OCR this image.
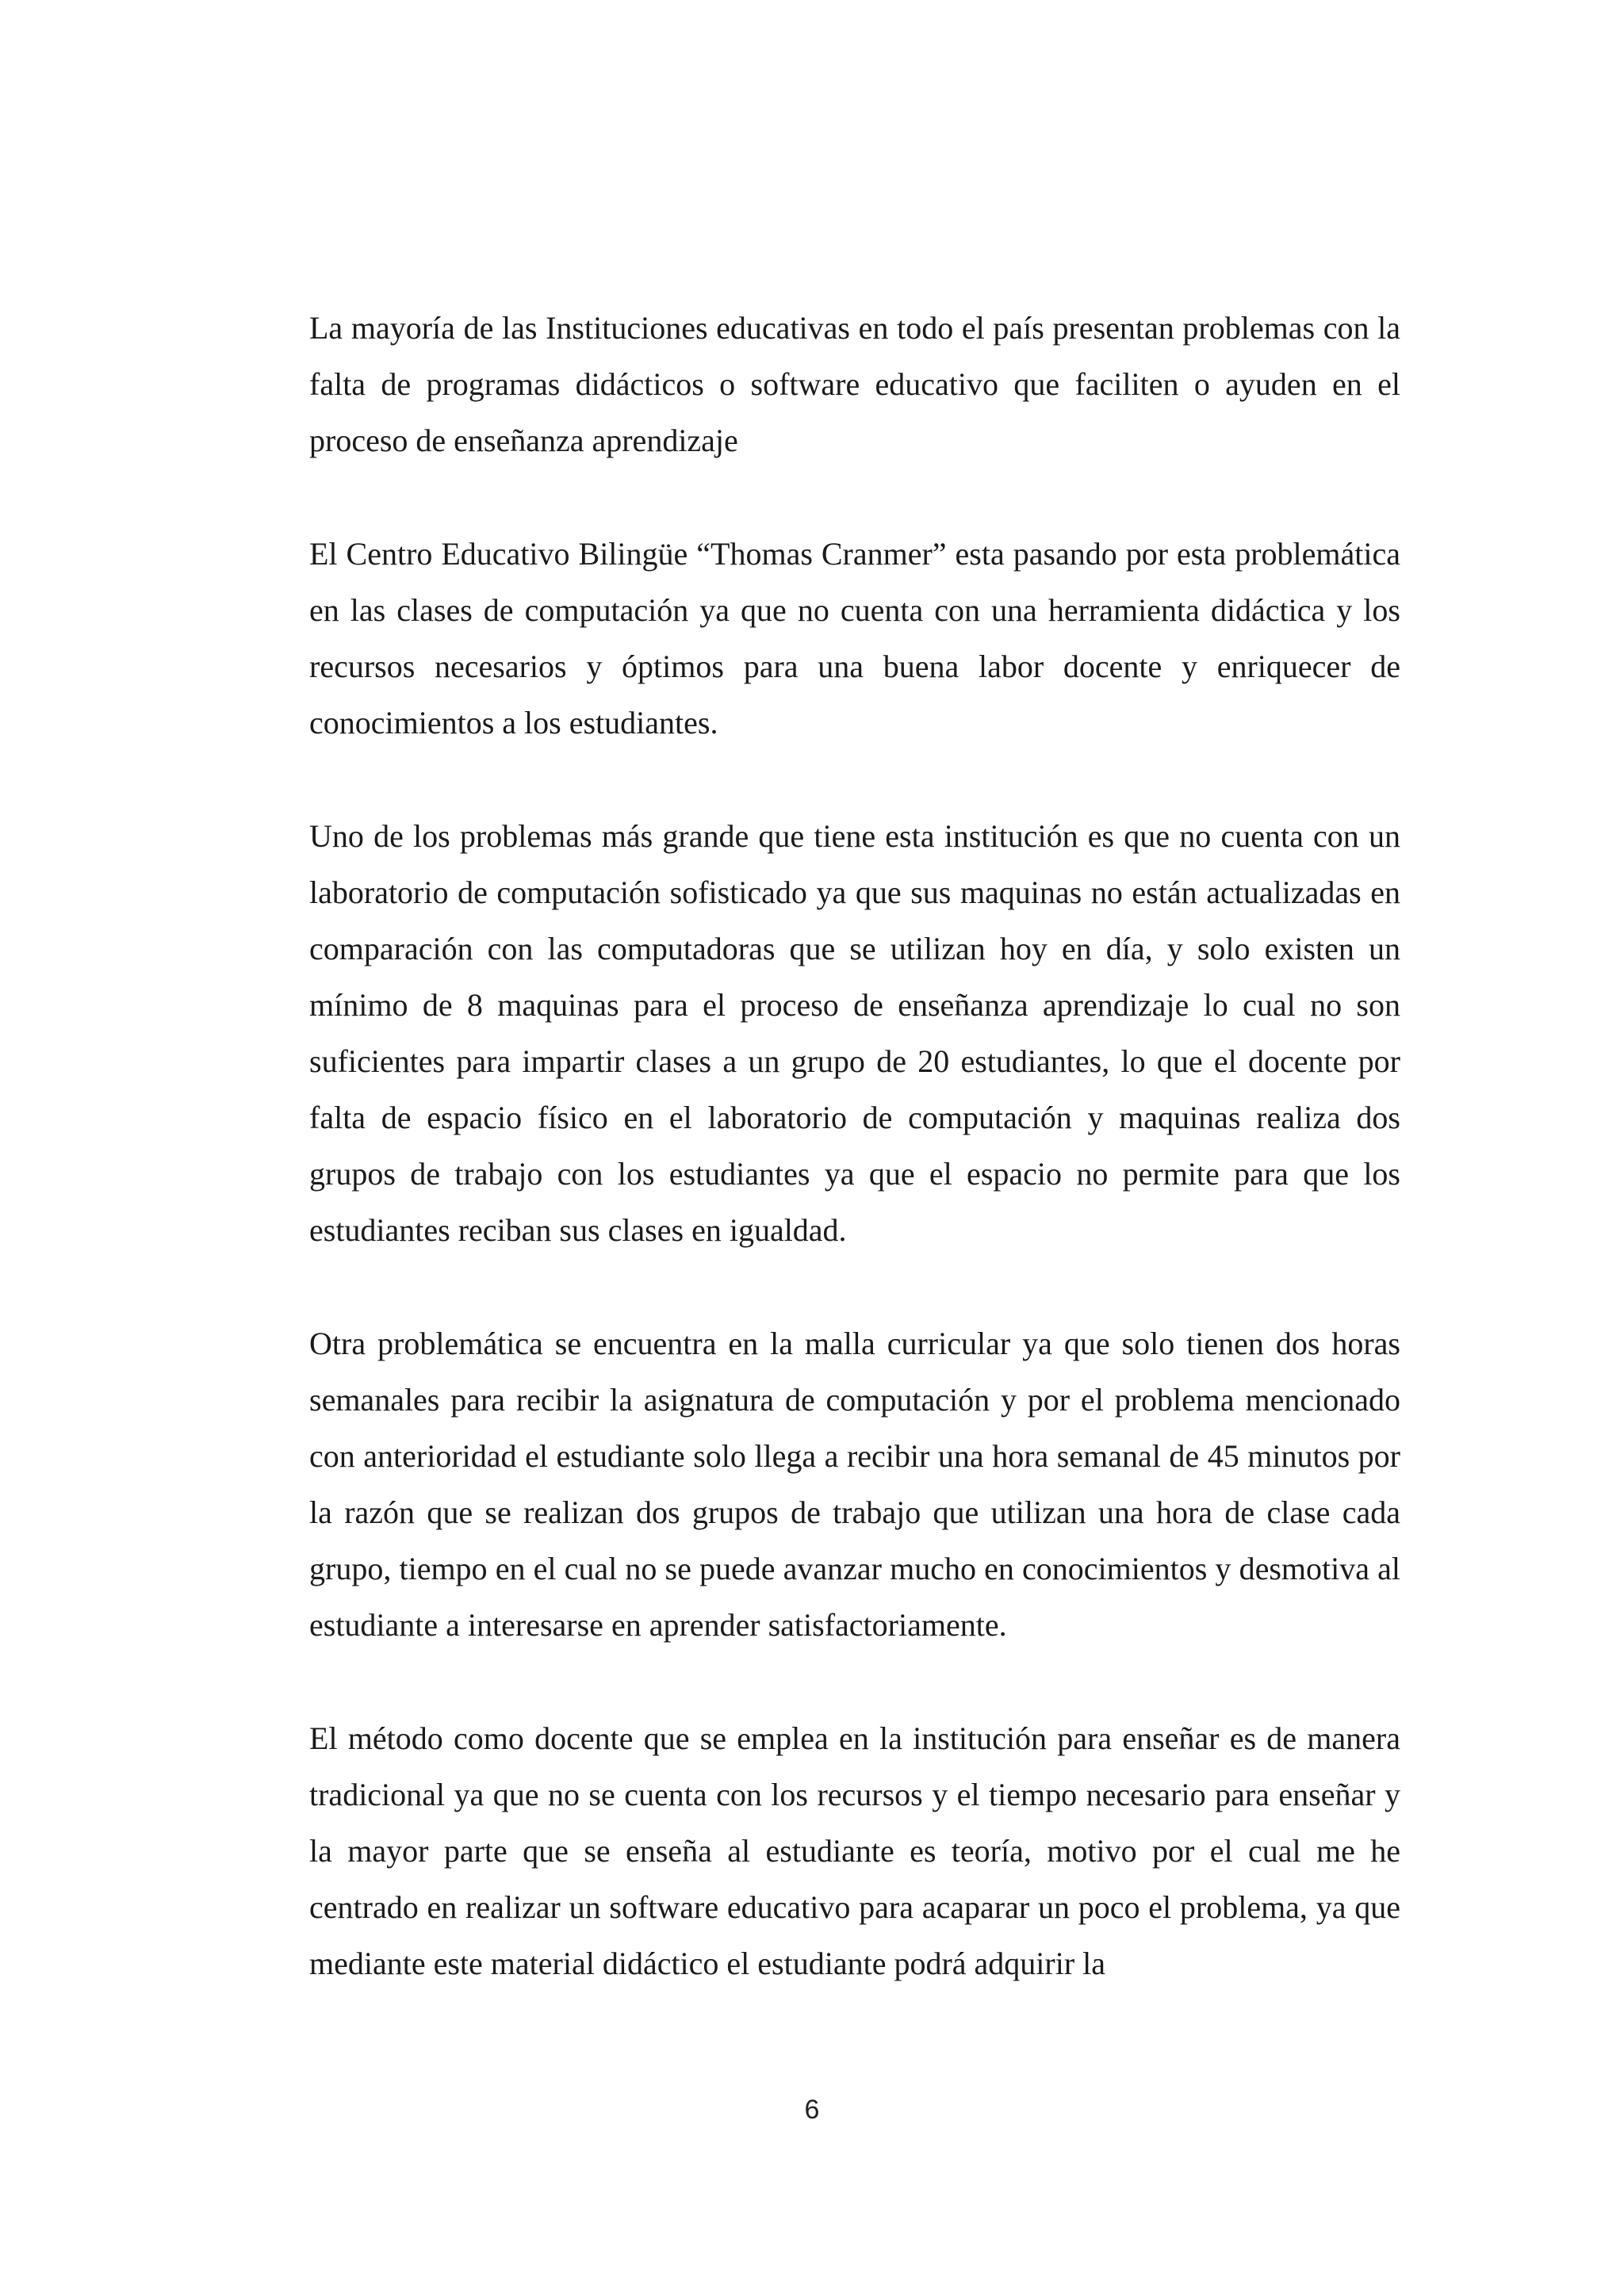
La mayoría de las Instituciones educativas en todo el país presentan problemas con la falta de programas didácticos o software educativo que faciliten o ayuden en el proceso de enseñanza aprendizaje

El Centro Educativo Bilingüe “Thomas Cranmer” esta pasando por esta problemática en las clases de computación ya que no cuenta con una herramienta didáctica y los recursos necesarios y óptimos para una buena labor docente y enriquecer de conocimientos a los estudiantes.

Uno de los problemas más grande que tiene esta institución es que no cuenta con un laboratorio de computación sofisticado ya que sus maquinas no están actualizadas en comparación con las computadoras que se utilizan hoy en día, y solo existen un mínimo de 8 maquinas para el proceso de enseñanza aprendizaje lo cual no son suficientes para impartir clases a un grupo de 20 estudiantes, lo que el docente por falta de espacio físico en el laboratorio de computación y maquinas realiza dos grupos de trabajo con los estudiantes ya que el espacio no permite para que los estudiantes reciban sus clases en igualdad.

Otra problemática se encuentra en la malla curricular ya que solo tienen dos horas semanales para recibir la asignatura de computación y por el problema mencionado con anterioridad el estudiante solo llega a recibir una hora semanal de 45 minutos por la razón que se realizan dos grupos de trabajo que utilizan una hora de clase cada grupo, tiempo en el cual no se puede avanzar mucho en conocimientos y desmotiva al estudiante a interesarse en aprender satisfactoriamente.

El método como docente que se emplea en la institución para enseñar es de manera tradicional ya que no se cuenta con los recursos y el tiempo necesario para enseñar y la mayor parte que se enseña al estudiante es teoría, motivo por el cual me he centrado en realizar un software educativo para acaparar un poco el problema, ya que mediante este material didáctico el estudiante podrá adquirir la

6
